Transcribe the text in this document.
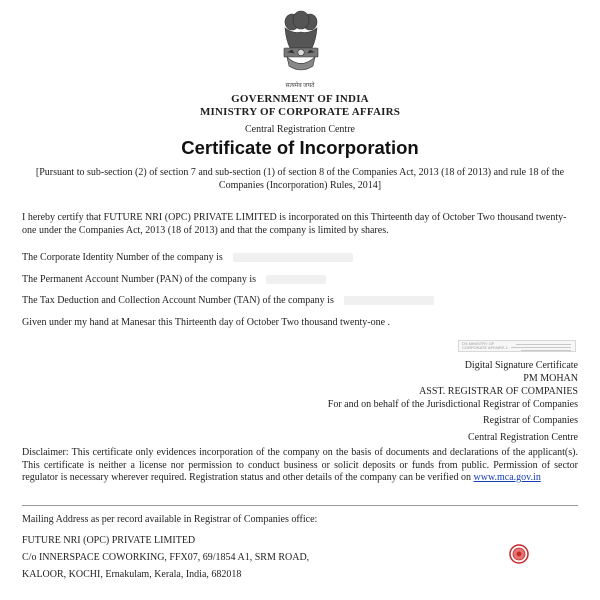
सत्यमेव जयते
GOVERNMENT OF INDIA
MINISTRY OF CORPORATE AFFAIRS
Central Registration Centre
Certificate of Incorporation
[Pursuant to sub-section (2) of section 7 and sub-section (1) of section 8 of the Companies Act, 2013 (18 of 2013) and rule 18 of the Companies (Incorporation) Rules, 2014]
I hereby certify that FUTURE NRI (OPC) PRIVATE LIMITED is incorporated on this Thirteenth day of October Two thousand twenty-one under the Companies Act, 2013 (18 of 2013) and that the company is limited by shares.
The Corporate Identity Number of the company is
The Permanent Account Number (PAN) of the company is
The Tax Deduction and Collection Account Number (TAN) of the company is
Given under my hand at Manesar this Thirteenth day of October Two thousand twenty-one .
DS MINISTRY OF
CORPORATE AFFAIRS 1
Digital Signature Certificate
PM MOHAN
ASST. REGISTRAR OF COMPANIES
For and on behalf of the Jurisdictional Registrar of Companies
Registrar of Companies
Central Registration Centre
Disclaimer: This certificate only evidences incorporation of the company on the basis of documents and declarations of the applicant(s). This certificate is neither a license nor permission to conduct business or solicit deposits or funds from public. Permission of sector regulator is necessary wherever required. Registration status and other details of the company can be verified on www.mca.gov.in
Mailing Address as per record available in Registrar of Companies office:
FUTURE NRI (OPC) PRIVATE LIMITED
C/o INNERSPACE COWORKING, FFX07, 69/1854 A1, SRM ROAD,
KALOOR, KOCHI, Ernakulam, Kerala, India, 682018
